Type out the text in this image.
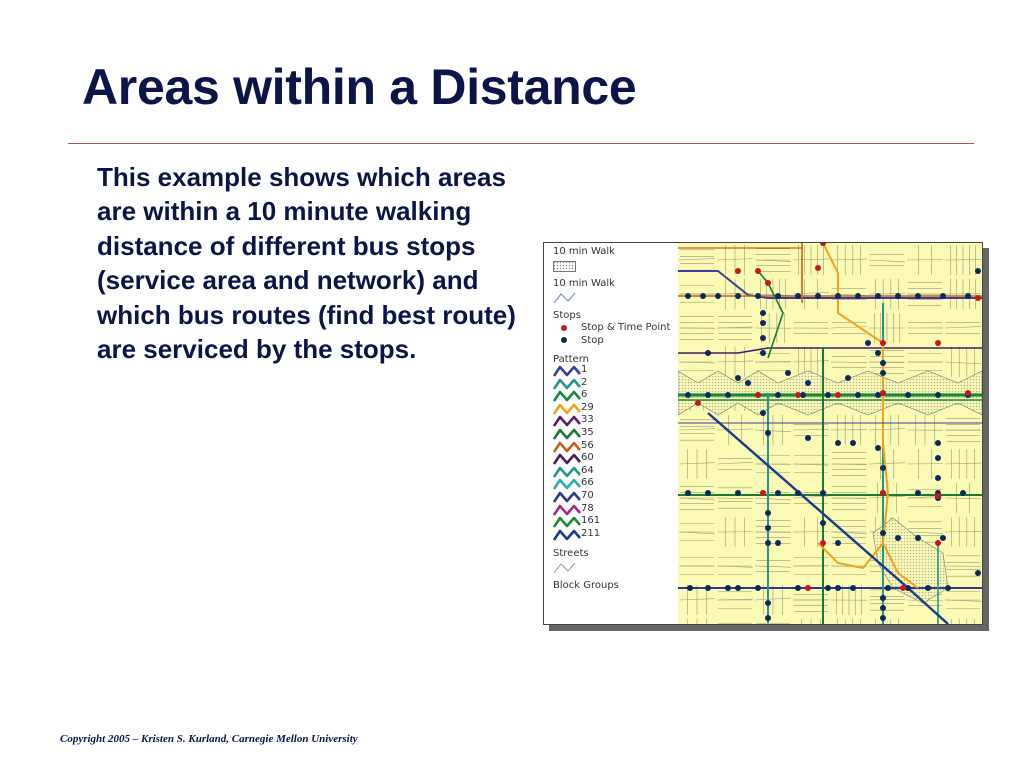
Areas within a Distance

This example shows which areas are within a 10 minute walking distance of different bus stops (service area and network) and which bus routes (find best route) are serviced by the stops.

10 min Walk
10 min Walk
Stops
Stop & Time Point
Stop
Pattern
1
2
6
29
33
35
56
60
64
66
70
78
161
211
Streets
Block Groups
Copyright 2005 – Kristen S. Kurland, Carnegie Mellon University
